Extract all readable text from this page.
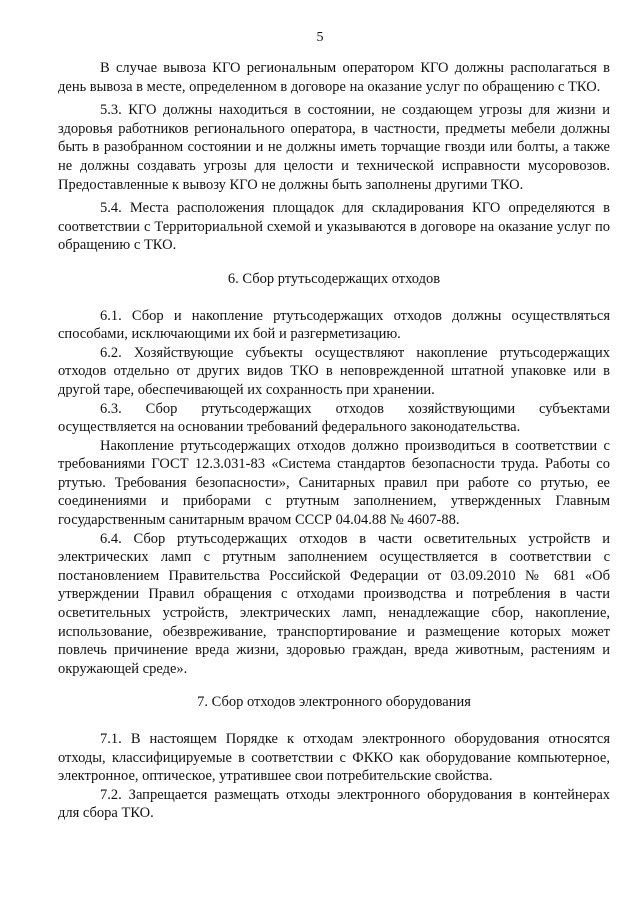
5

В случае вывоза КГО региональным оператором КГО должны располагаться в день вывоза в месте, определенном в договоре на оказание услуг по обращению с ТКО.

5.3. КГО должны находиться в состоянии, не создающем угрозы для жизни и здоровья работников регионального оператора, в частности, предметы мебели должны быть в разобранном состоянии и не должны иметь торчащие гвозди или болты, а также не должны создавать угрозы для целости и технической исправности мусоровозов. Предоставленные к вывозу КГО не должны быть заполнены другими ТКО.

5.4. Места расположения площадок для складирования КГО определяются в соответствии с Территориальной схемой и указываются в договоре на оказание услуг по обращению с ТКО.

6. Сбор ртутьсодержащих отходов

6.1. Сбор и накопление ртутьсодержащих отходов должны осуществляться способами, исключающими их бой и разгерметизацию.

6.2. Хозяйствующие субъекты осуществляют накопление ртутьсодержащих отходов отдельно от других видов ТКО в неповрежденной штатной упаковке или в другой таре, обеспечивающей их сохранность при хранении.

6.3. Сбор ртутьсодержащих отходов хозяйствующими субъектами осуществляется на основании требований федерального законодательства.

Накопление ртутьсодержащих отходов должно производиться в соответствии с требованиями ГОСТ 12.3.031-83 «Система стандартов безопасности труда. Работы со ртутью. Требования безопасности», Санитарных правил при работе со ртутью, ее соединениями и приборами с ртутным заполнением, утвержденных Главным государственным санитарным врачом СССР 04.04.88 № 4607-88.

6.4. Сбор ртутьсодержащих отходов в части осветительных устройств и электрических ламп с ртутным заполнением осуществляется в соответствии с постановлением Правительства Российской Федерации от 03.09.2010 № 681 «Об утверждении Правил обращения с отходами производства и потребления в части осветительных устройств, электрических ламп, ненадлежащие сбор, накопление, использование, обезвреживание, транспортирование и размещение которых может повлечь причинение вреда жизни, здоровью граждан, вреда животным, растениям и окружающей среде».

7. Сбор отходов электронного оборудования

7.1. В настоящем Порядке к отходам электронного оборудования относятся отходы, классифицируемые в соответствии с ФККО как оборудование компьютерное, электронное, оптическое, утратившее свои потребительские свойства.

7.2. Запрещается размещать отходы электронного оборудования в контейнерах для сбора ТКО.
